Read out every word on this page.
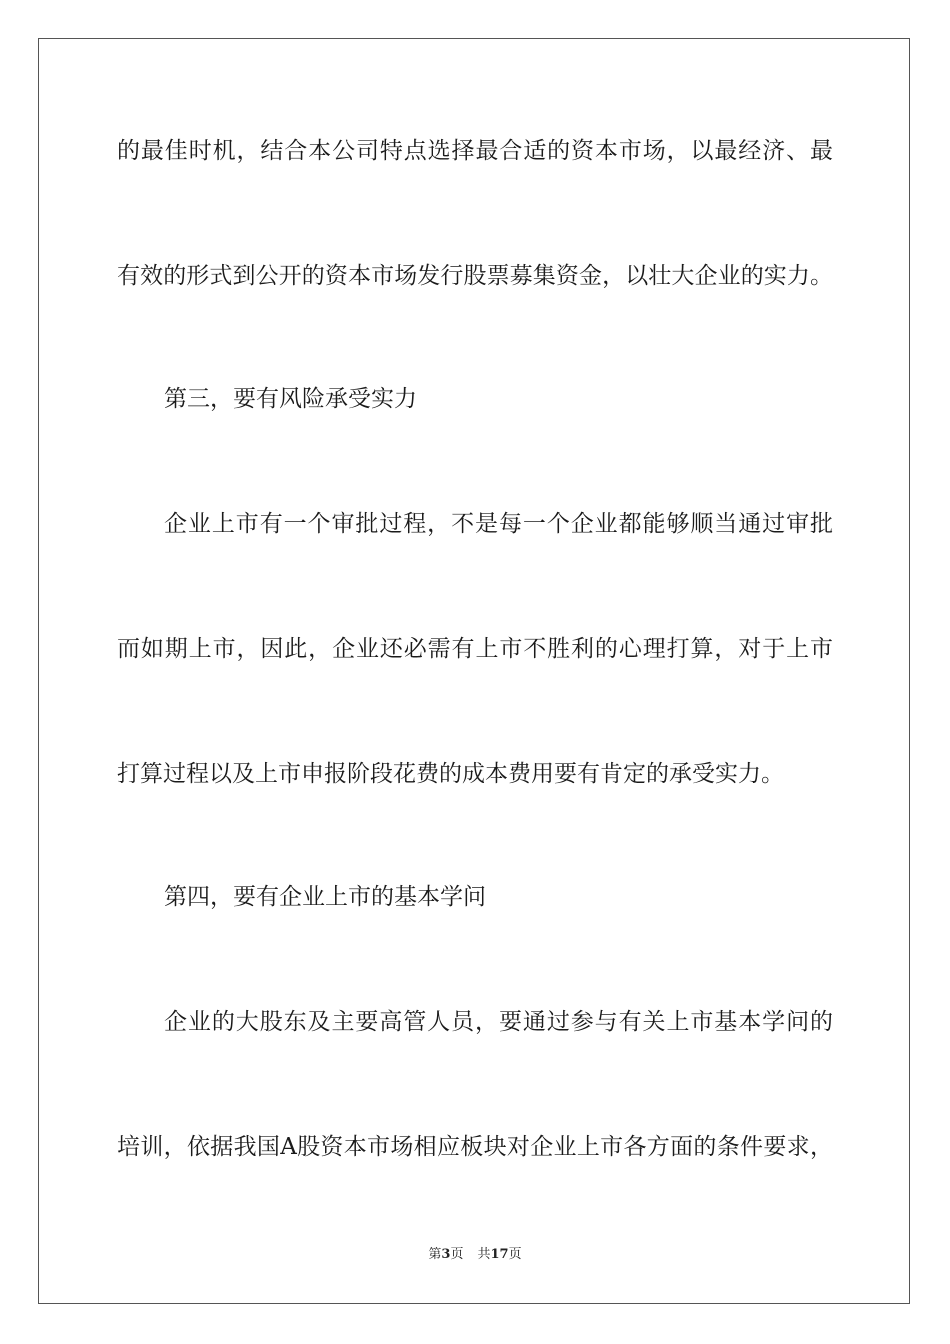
的最佳时机，结合本公司特点选择最合适的资本市场，以最经济、最
有效的形式到公开的资本市场发行股票募集资金，以壮大企业的实力。
第三，要有风险承受实力
企业上市有一个审批过程，不是每一个企业都能够顺当通过审批
而如期上市，因此，企业还必需有上市不胜利的心理打算，对于上市
打算过程以及上市申报阶段花费的成本费用要有肯定的承受实力。
第四，要有企业上市的基本学问
企业的大股东及主要高管人员，要通过参与有关上市基本学问的
培训，依据我国A股资本市场相应板块对企业上市各方面的条件要求，
第3页 共17页
